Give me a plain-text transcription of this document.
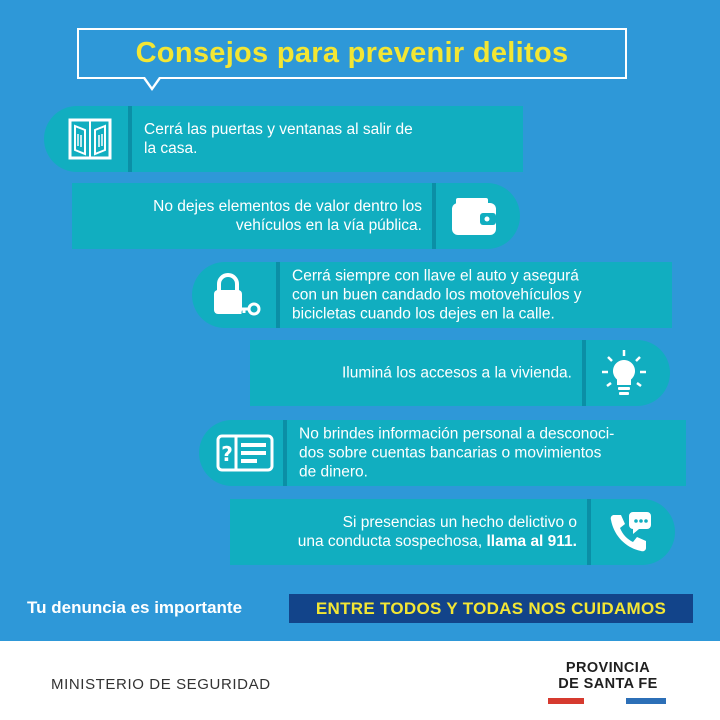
Consejos para prevenir delitos
Cerrá las puertas y ventanas al salir de
la casa.
No dejes elementos de valor dentro los
vehículos en la vía pública.
Cerrá siempre con llave el auto y asegurá
con un buen candado los motovehículos y
bicicletas cuando los dejes en la calle.
Iluminá los accesos a la vivienda.
?
No brindes información personal a desconoci-
dos sobre cuentas bancarias o movimientos
de dinero.
Si presencias un hecho delictivo o
una conducta sospechosa, llama al 911.
Tu denuncia es importante	ENTRE TODOS Y TODAS NOS CUIDAMOS
MINISTERIO DE SEGURIDAD
PROVINCIA
DE SANTA FE
